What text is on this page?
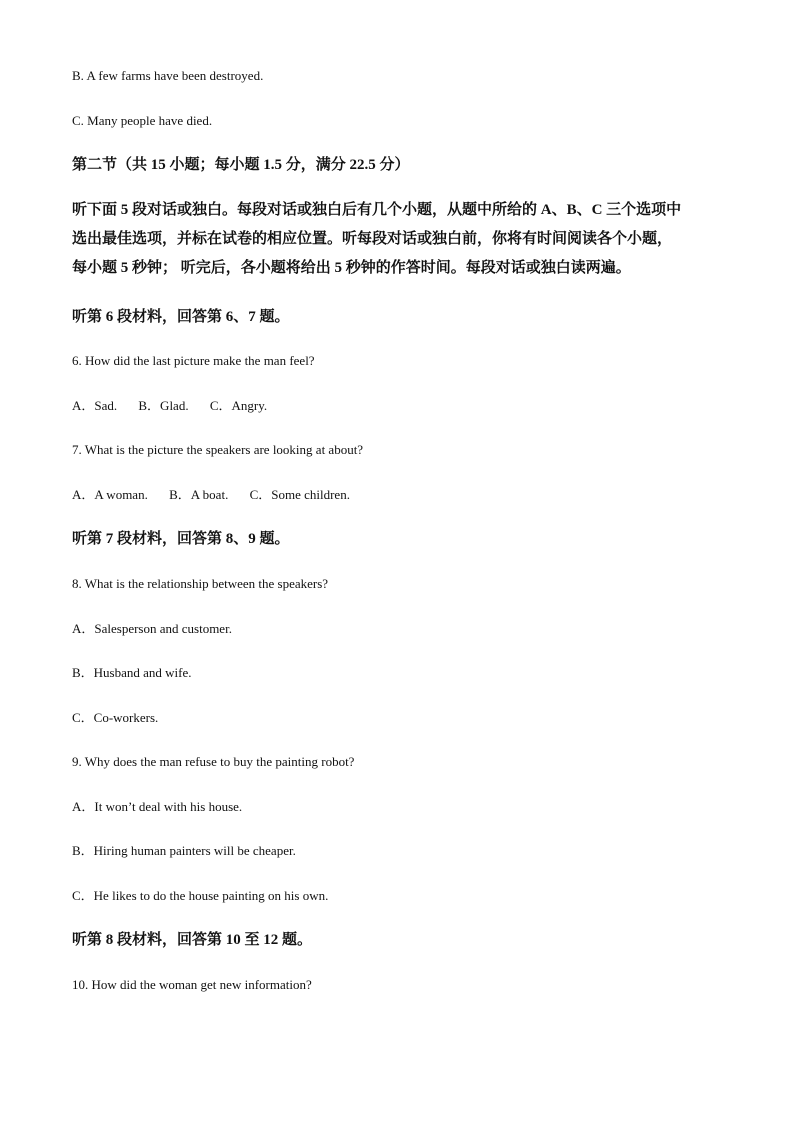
B. A few farms have been destroyed.

C. Many people have died.

第二节（共 15 小题；每小题 1.5 分，满分 22.5 分）

听下面 5 段对话或独白。每段对话或独白后有几个小题，从题中所给的 A、B、C 三个选项中
选出最佳选项，并标在试卷的相应位置。听每段对话或独白前，你将有时间阅读各个小题，
每小题 5 秒钟； 听完后，各小题将给出 5 秒钟的作答时间。每段对话或独白读两遍。

听第 6 段材料，回答第 6、7 题。

6. How did the last picture make the man feel?

A．Sad. B．Glad. C．Angry.

7. What is the picture the speakers are looking at about?

A．A woman. B．A boat. C．Some children.

听第 7 段材料，回答第 8、9 题。

8. What is the relationship between the speakers?

A．Salesperson and customer.

B．Husband and wife.

C．Co-workers.

9. Why does the man refuse to buy the painting robot?

A．It won’t deal with his house.

B．Hiring human painters will be cheaper.

C．He likes to do the house painting on his own.

听第 8 段材料，回答第 10 至 12 题。

10. How did the woman get new information?
